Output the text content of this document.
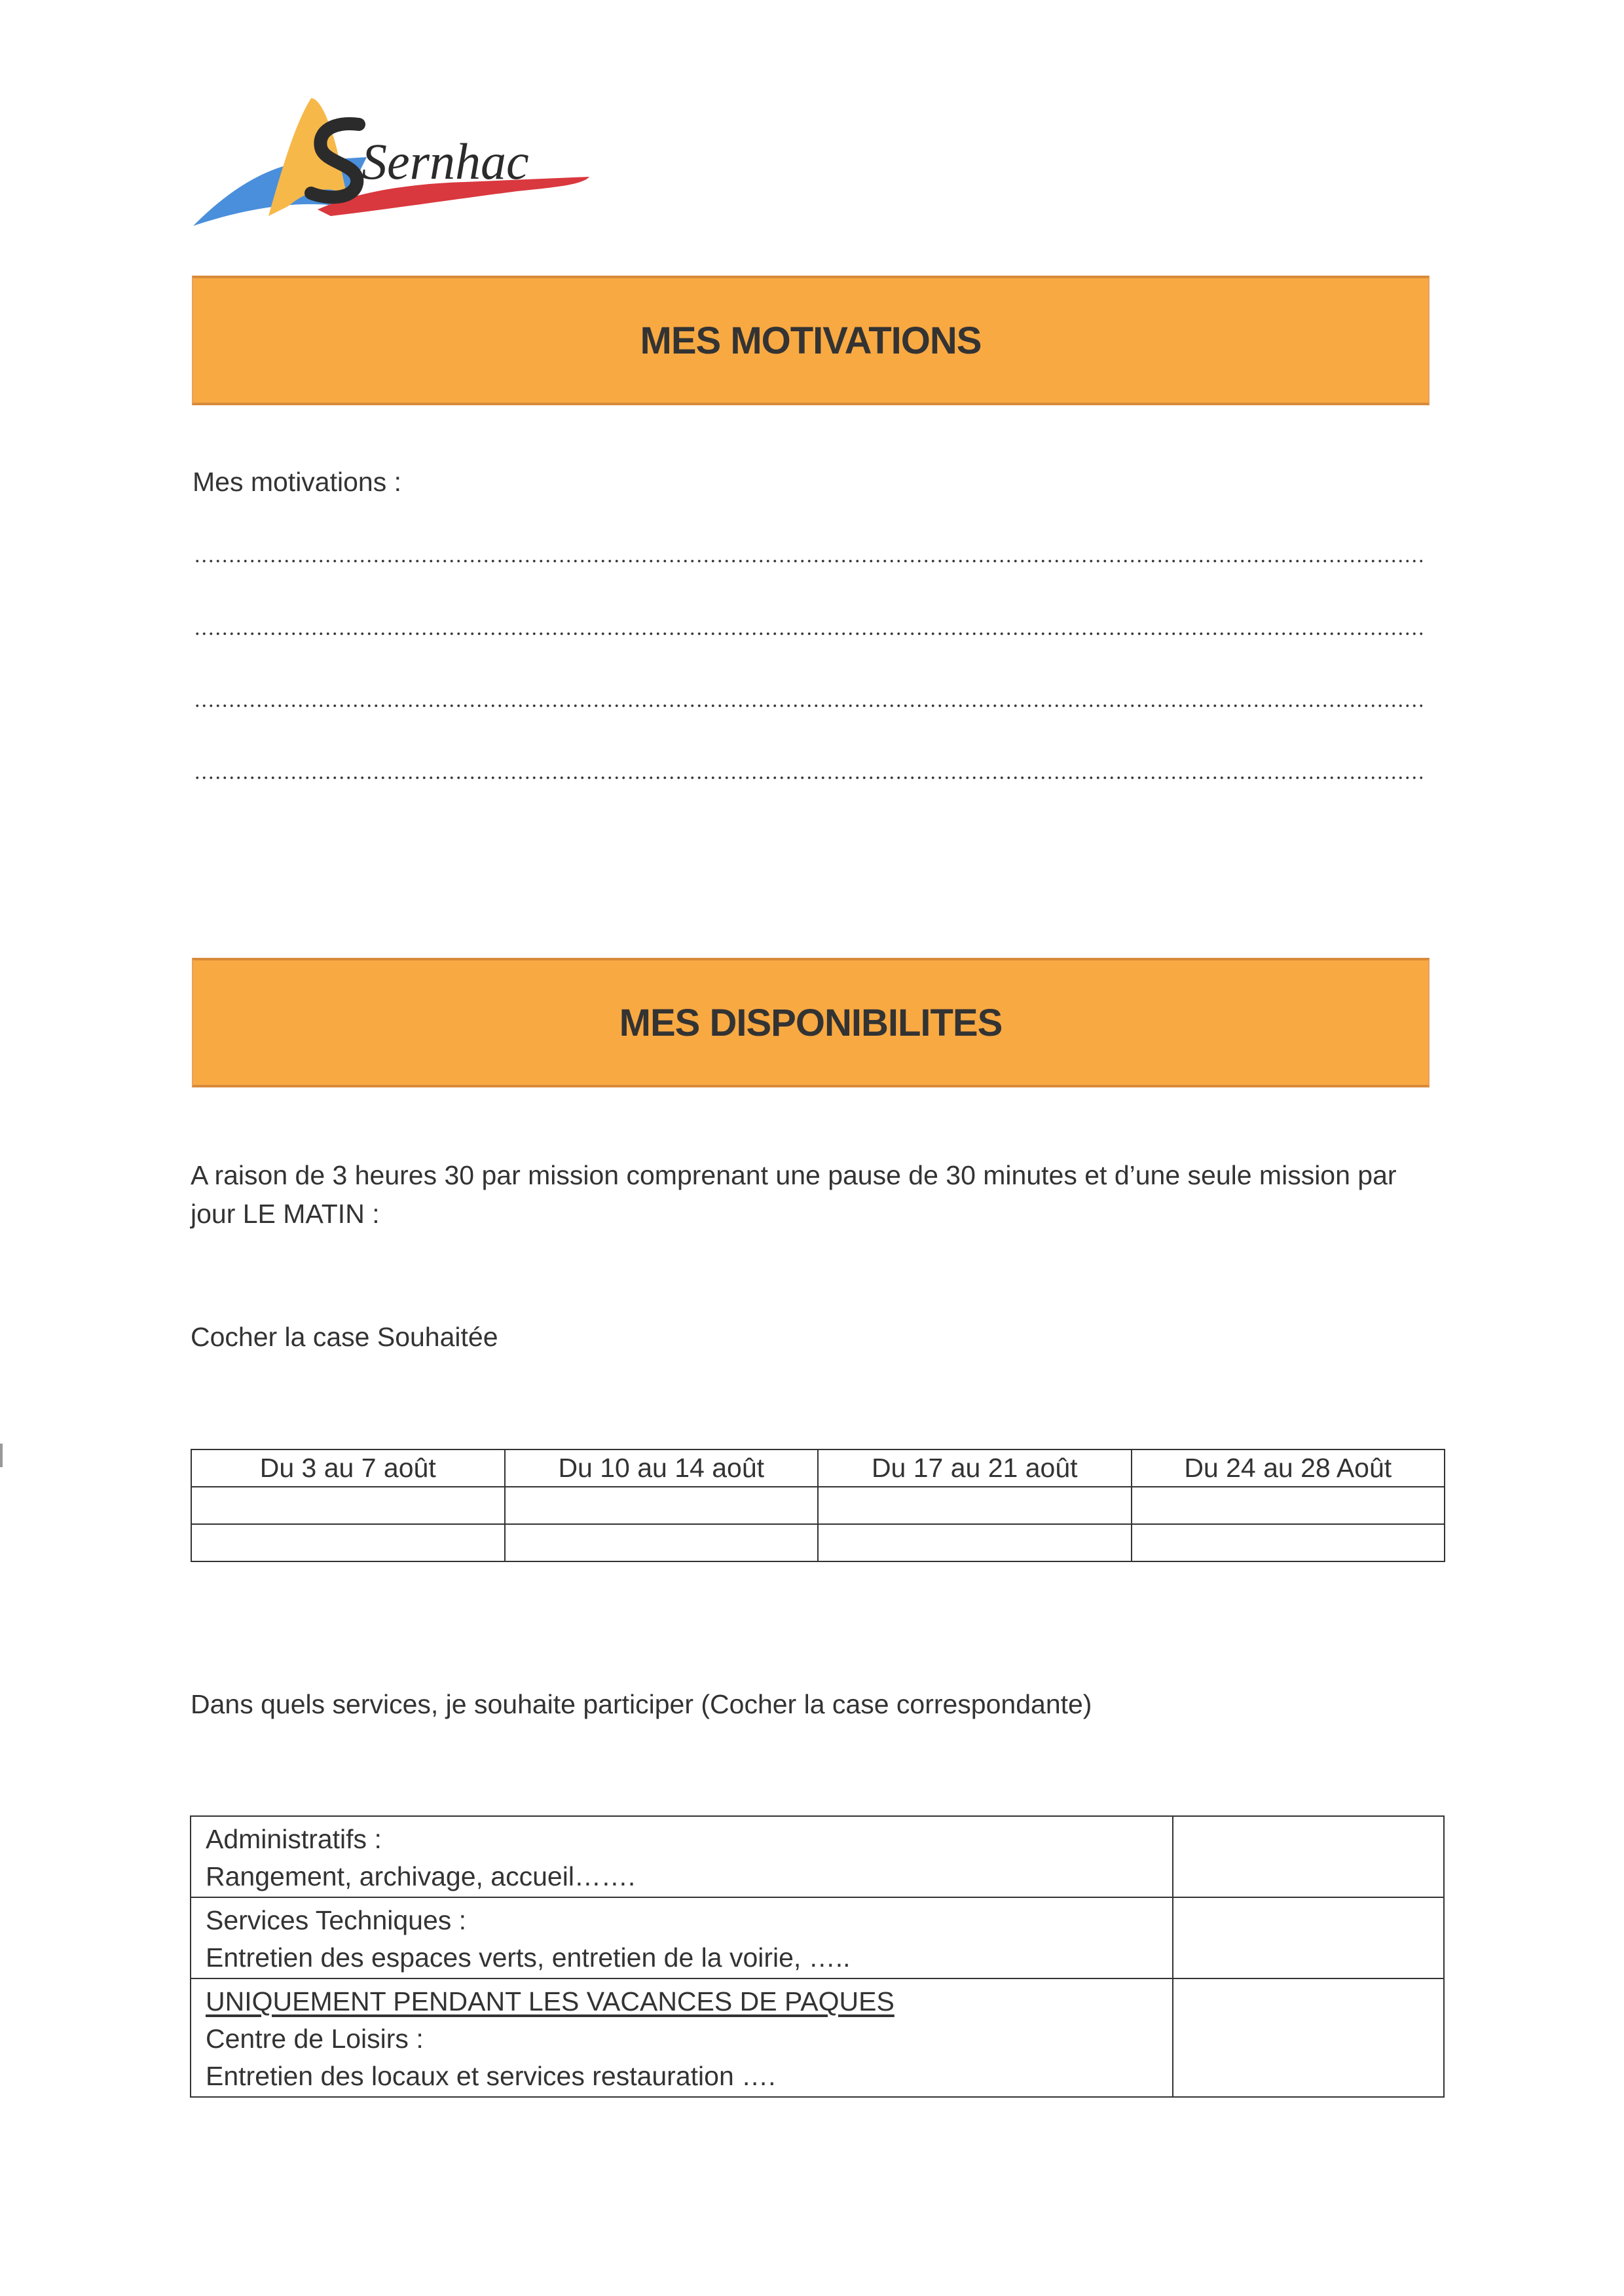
Sernhac
MES MOTIVATIONS
Mes motivations :
MES DISPONIBILITES
A raison de 3 heures 30 par mission comprenant une pause de 30 minutes et d’une seule mission par
jour LE MATIN :
Cocher la case Souhaitée
Du 3 au 7 août	Du 10 au 14 août	Du 17 au 21 août	Du 24 au 28 Août

Dans quels services, je souhaite participer (Cocher la case correspondante)
Administratifs :
Rangement, archivage, accueil…….	

Services Techniques :
Entretien des espaces verts, entretien de la voirie, …..	

UNIQUEMENT PENDANT LES VACANCES DE PAQUES
Centre de Loisirs :
Entretien des locaux et services restauration ….	
